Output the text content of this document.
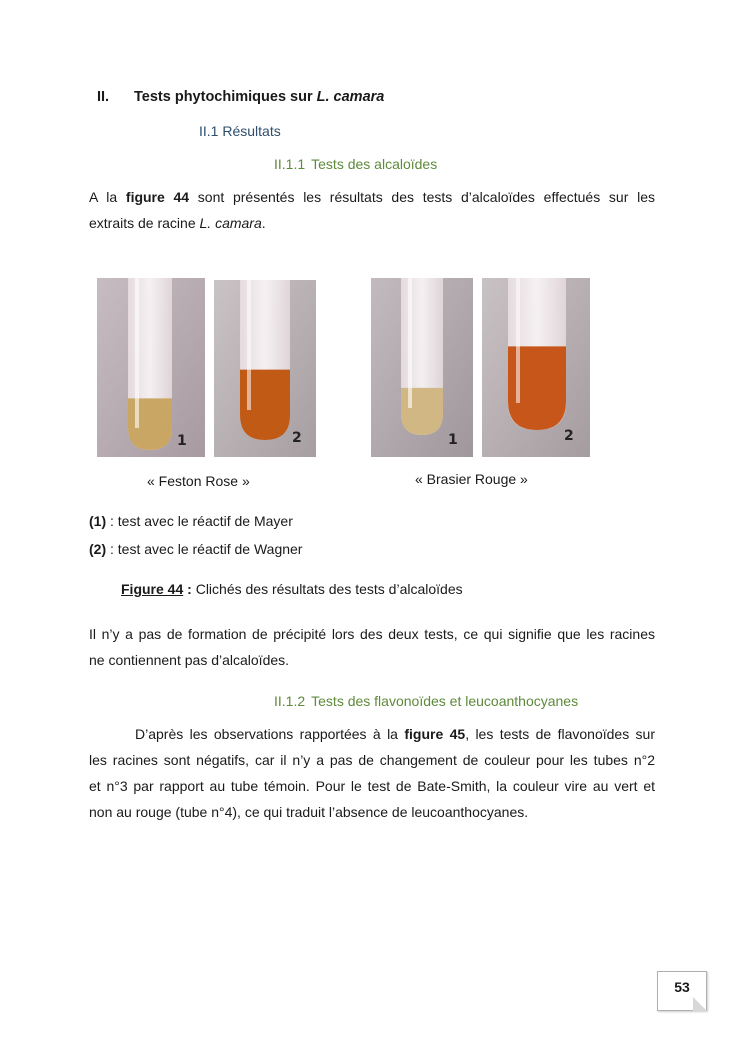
II. Tests phytochimiques sur L. camara
II.1 Résultats
II.1.1 Tests des alcaloïdes
A la figure 44 sont présentés les résultats des tests d’alcaloïdes effectués sur les
extraits de racine L. camara.
1	2	1	2
« Feston Rose »	« Brasier Rouge »
(1) : test avec le réactif de Mayer
(2) : test avec le réactif de Wagner
Figure 44 : Clichés des résultats des tests d’alcaloïdes
Il n’y a pas de formation de précipité lors des deux tests, ce qui signifie que les racines
ne contiennent pas d’alcaloïdes.
II.1.2 Tests des flavonoïdes et leucoanthocyanes
D’après les observations rapportées à la figure 45, les tests de flavonoïdes sur
les racines sont négatifs, car il n’y a pas de changement de couleur pour les tubes n°2
et n°3 par rapport au tube témoin. Pour le test de Bate-Smith, la couleur vire au vert et
non au rouge (tube n°4), ce qui traduit l’absence de leucoanthocyanes.
53
